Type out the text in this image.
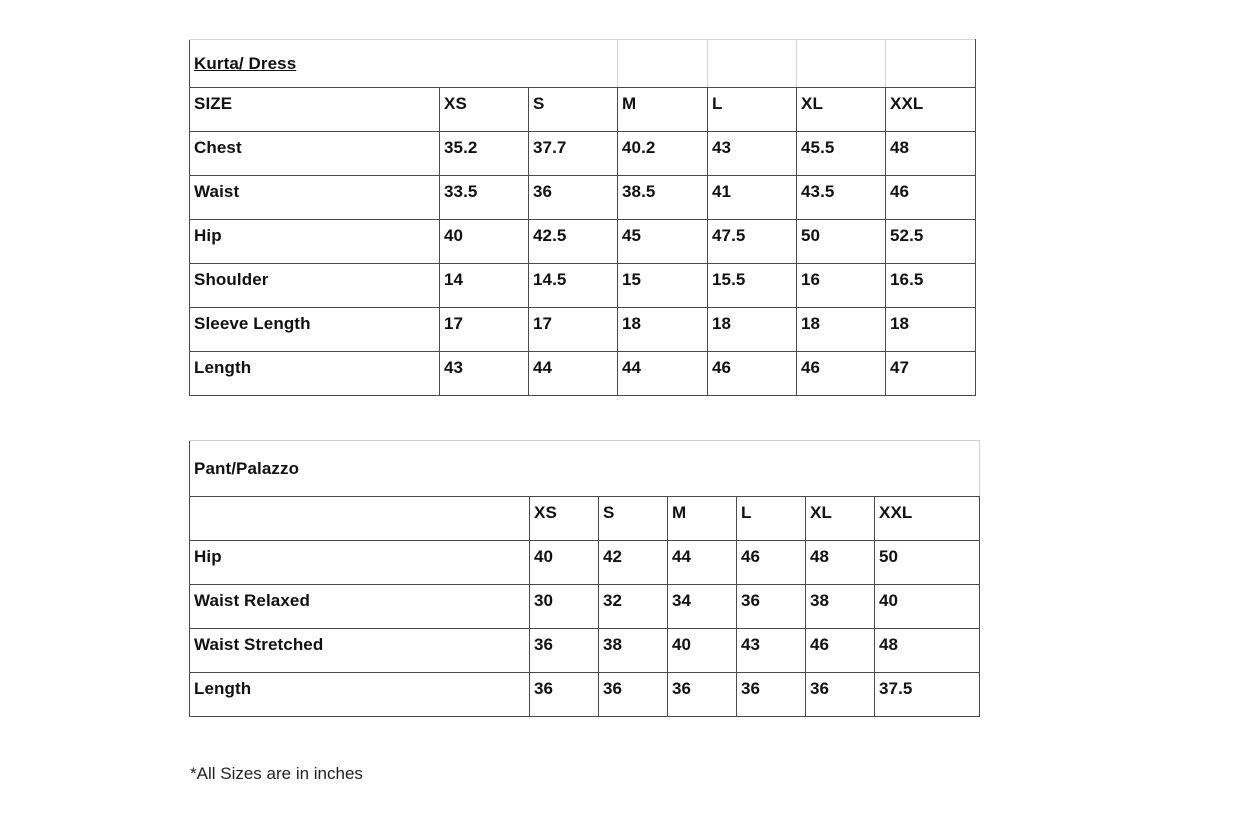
Kurta/ Dress						
SIZE	XS	S	M	L	XL	XXL
Chest	35.2	37.7	40.2	43	45.5	48
Waist	33.5	36	38.5	41	43.5	46
Hip	40	42.5	45	47.5	50	52.5
Shoulder	14	14.5	15	15.5	16	16.5
Sleeve Length	17	17	18	18	18	18
Length	43	44	44	46	46	47
Pant/Palazzo						
	XS	S	M	L	XL	XXL
Hip	40	42	44	46	48	50
Waist Relaxed	30	32	34	36	38	40
Waist Stretched	36	38	40	43	46	48
Length	36	36	36	36	36	37.5
*All Sizes are in inches
